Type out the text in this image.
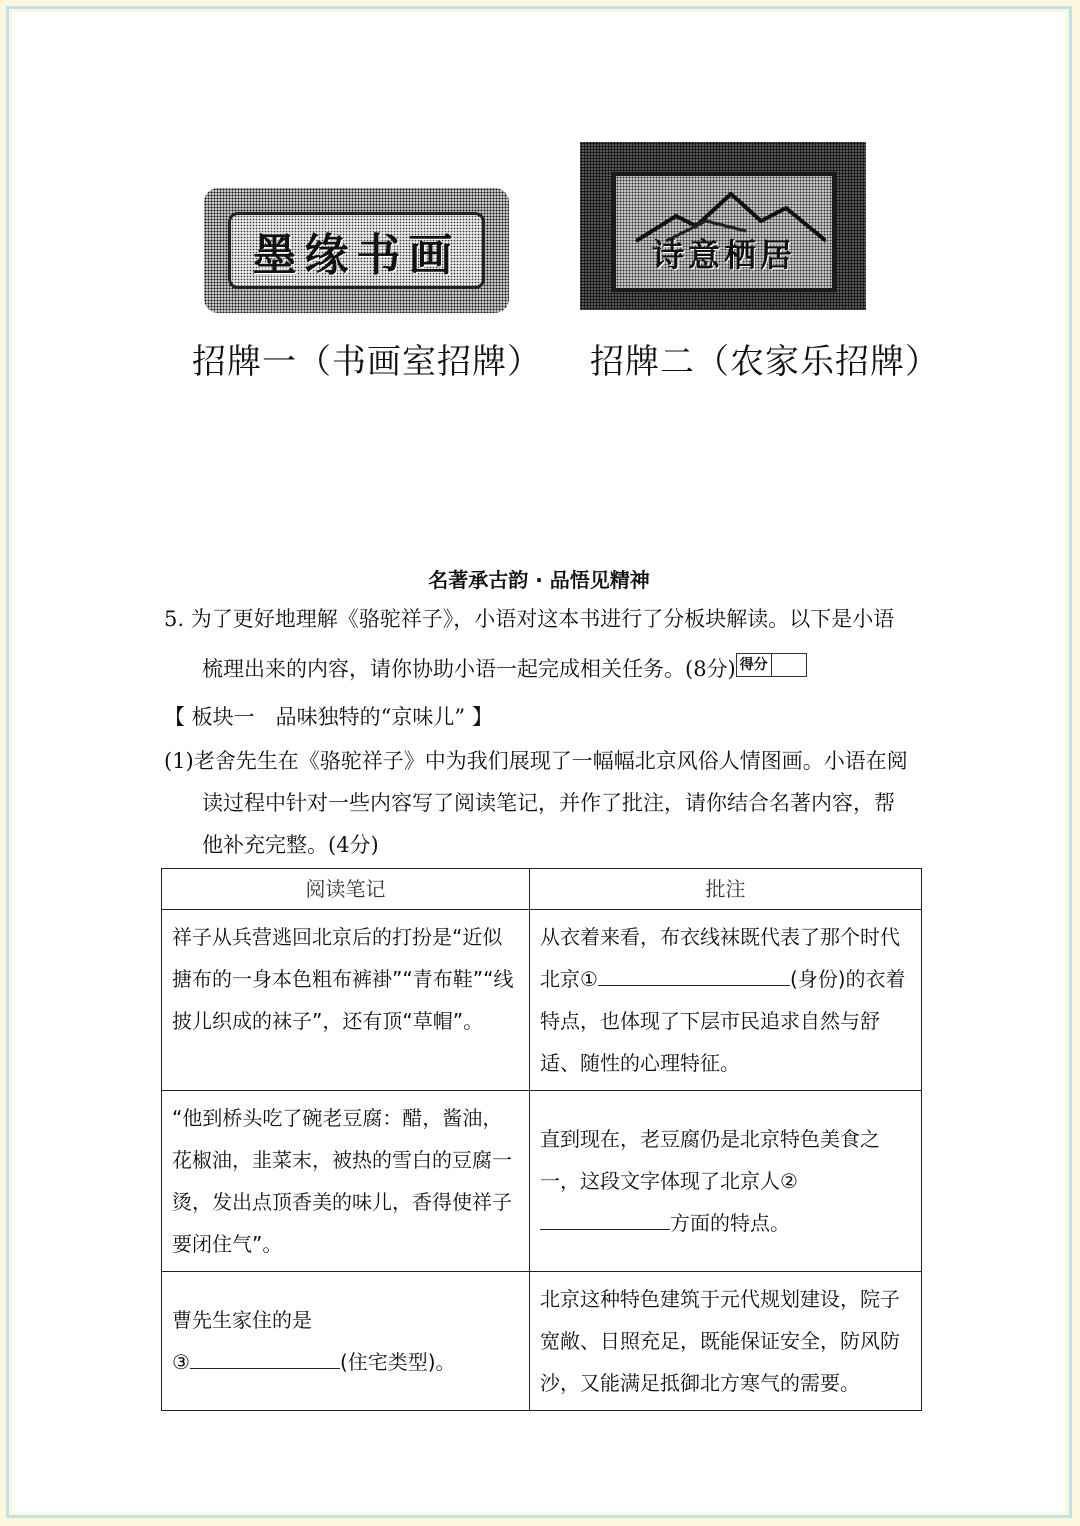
墨缘书画
招牌一（书画室招牌）
诗意栖居
招牌二（农家乐招牌）
名著承古韵 · 品悟见精神
5. 为了更好地理解《骆驼祥子》，小语对这本书进行了分板块解读。以下是小语
梳理出来的内容，请你协助小语一起完成相关任务。(8分) 得分
【 板块一　品味独特的“京味儿” 】
(1)老舍先生在《骆驼祥子》中为我们展现了一幅幅北京风俗人情图画。小语在阅
读过程中针对一些内容写了阅读笔记，并作了批注，请你结合名著内容，帮
他补充完整。(4分)
阅读笔记	批注
祥子从兵营逃回北京后的打扮是“近似搪布的一身本色粗布裤褂”“青布鞋”“线披儿织成的袜子”，还有顶“草帽”。	从衣着来看，布衣线袜既代表了那个时代北京① (身份)的衣着特点，也体现了下层市民追求自然与舒适、随性的心理特征。
“他到桥头吃了碗老豆腐：醋，酱油，花椒油，韭菜末，被热的雪白的豆腐一烫，发出点顶香美的味儿，香得使祥子要闭住气”。	直到现在，老豆腐仍是北京特色美食之一，这段文字体现了北京人②
方面的特点。
曹先生家住的是
③ (住宅类型)。	北京这种特色建筑于元代规划建设，院子宽敞、日照充足，既能保证安全，防风防沙，又能满足抵御北方寒气的需要。
